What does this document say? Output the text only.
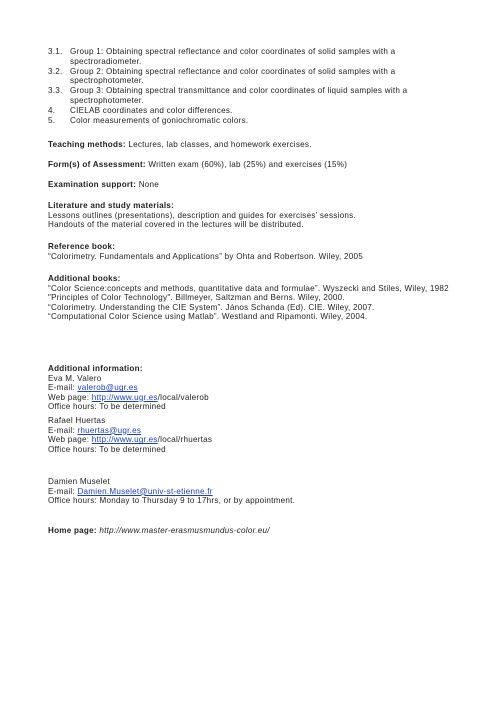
3.1. Group 1: Obtaining spectral reflectance and color coordinates of solid samples with a spectroradiometer.
3.2. Group 2: Obtaining spectral reflectance and color coordinates of solid samples with a spectrophotometer.
3.3. Group 3: Obtaining spectral transmittance and color coordinates of liquid samples with a spectrophotometer.
4. CIELAB coordinates and color differences.
5. Color measurements of goniochromatic colors.
Teaching methods: Lectures, lab classes, and homework exercises.
Form(s) of Assessment: Written exam (60%), lab (25%) and exercises (15%)
Examination support: None
Literature and study materials:
Lessons outlines (presentations), description and guides for exercises’ sessions.
Handouts of the material covered in the lectures will be distributed.
Reference book:
“Colorimetry. Fundamentals and Applications” by Ohta and Robertson. Wiley, 2005
Additional books:
“Color Science:concepts and methods, quantitative data and formulae”. Wyszecki and Stiles, Wiley, 1982
"Principles of Color Technology". Billmeyer, Saltzman and Berns. Wiley, 2000.
“Colorimetry. Understanding the CIE System”. János Schanda (Ed). CIE. Wiley, 2007.
“Computational Color Science using Matlab”. Westland and Ripamonti. Wiley, 2004.
Additional information:
Eva M. Valero
E-mail: valerob@ugr.es
Web page: http://www.ugr.es/local/valerob
Office hours: To be determined
Rafael Huertas
E-mail: rhuertas@ugr.es
Web page: http://www.ugr.es/local/rhuertas
Office hours: To be determined
Damien Muselet
E-mail: Damien.Muselet@univ-st-etienne.fr
Office hours: Monday to Thursday 9 to 17hrs, or by appointment.
Home page: http://www.master-erasmusmundus-color.eu/
